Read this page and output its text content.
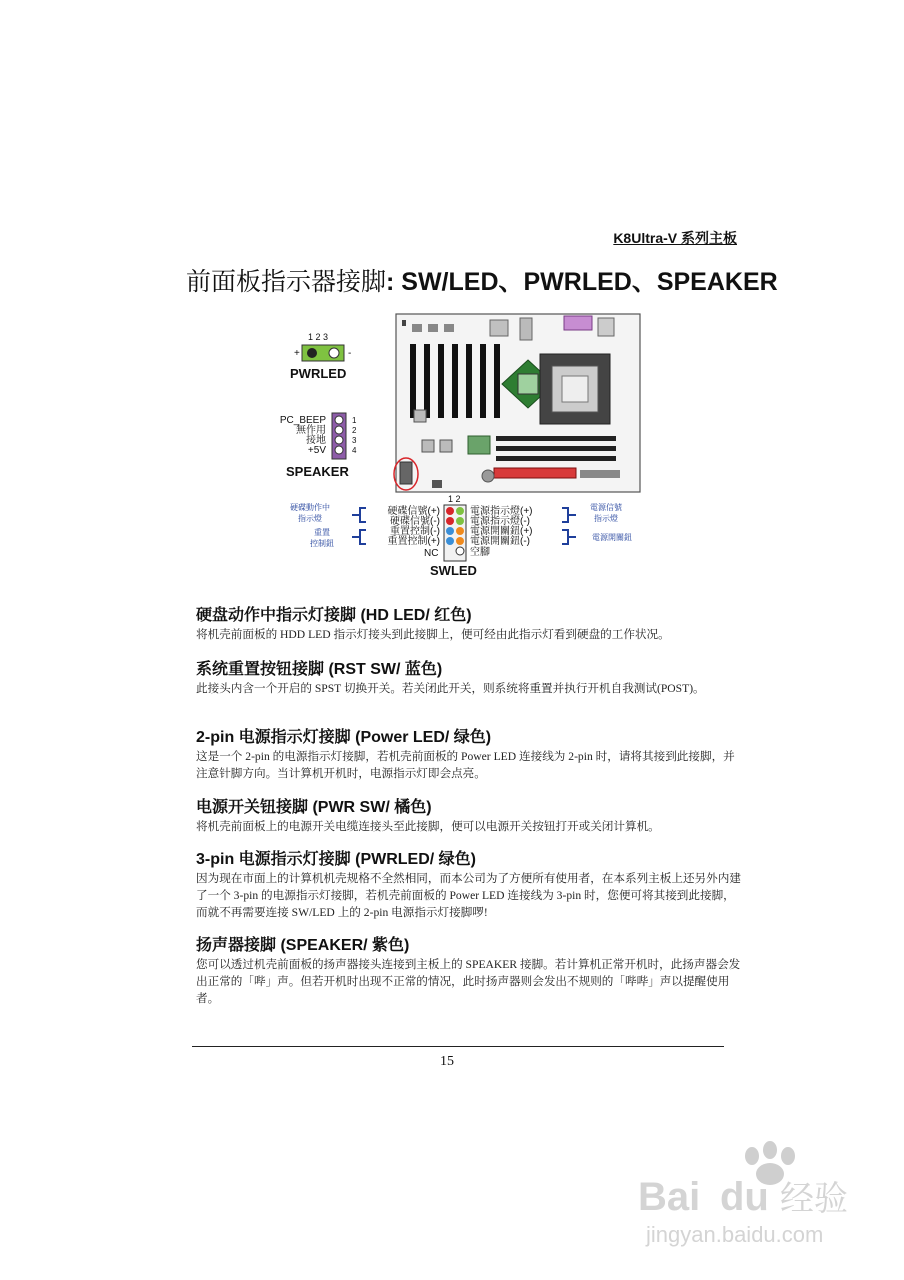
K8Ultra-V 系列主板
前面板指示器接脚: SW/LED、PWRLED、SPEAKER
1 2 3
+	-
PWRLED
PC_BEEP
無作用
接地
+5V
1
2
3
4
SPEAKER
1 2
硬碟信號(+)
硬碟信號(-)
重置控制(-)
重置控制(+)
NC
電源指示燈(+)
電源指示燈(-)
電源開關鈕(+)
電源開關鈕(-)
空腳
SWLED
硬碟動作中
指示燈
重置
控制鈕
電源信號
指示燈
電源開關鈕
硬盘动作中指示灯接脚 (HD LED/ 红色)
将机壳前面板的 HDD LED 指示灯接头到此接脚上，便可经由此指示灯看到硬盘的工作状况。
系统重置按钮接脚 (RST SW/ 蓝色)
此接头内含一个开启的 SPST 切换开关。若关闭此开关，则系统将重置并执行开机自我测试(POST)。
2-pin 电源指示灯接脚 (Power LED/ 绿色)
这是一个 2-pin 的电源指示灯接脚，若机壳前面板的 Power LED 连接线为 2-pin 时，请将其接到此接脚，并注意针脚方向。当计算机开机时，电源指示灯即会点亮。
电源开关钮接脚 (PWR SW/ 橘色)
将机壳前面板上的电源开关电缆连接头至此接脚，便可以电源开关按钮打开或关闭计算机。
3-pin 电源指示灯接脚 (PWRLED/ 绿色)
因为现在市面上的计算机机壳规格不全然相同，而本公司为了方便所有使用者，在本系列主板上还另外内建了一个 3-pin 的电源指示灯接脚，若机壳前面板的 Power LED 连接线为 3-pin 时，您便可将其接到此接脚，而就不再需要连接 SW/LED 上的 2-pin 电源指示灯接脚啰!
扬声器接脚 (SPEAKER/ 紫色)
您可以透过机壳前面板的扬声器接头连接到主板上的 SPEAKER 接脚。若计算机正常开机时，此扬声器会发出正常的「哔」声。但若开机时出现不正常的情况，此时扬声器则会发出不规则的「哔哔」声以提醒使用者。
15
Bai du 经验
jingyan.baidu.com
